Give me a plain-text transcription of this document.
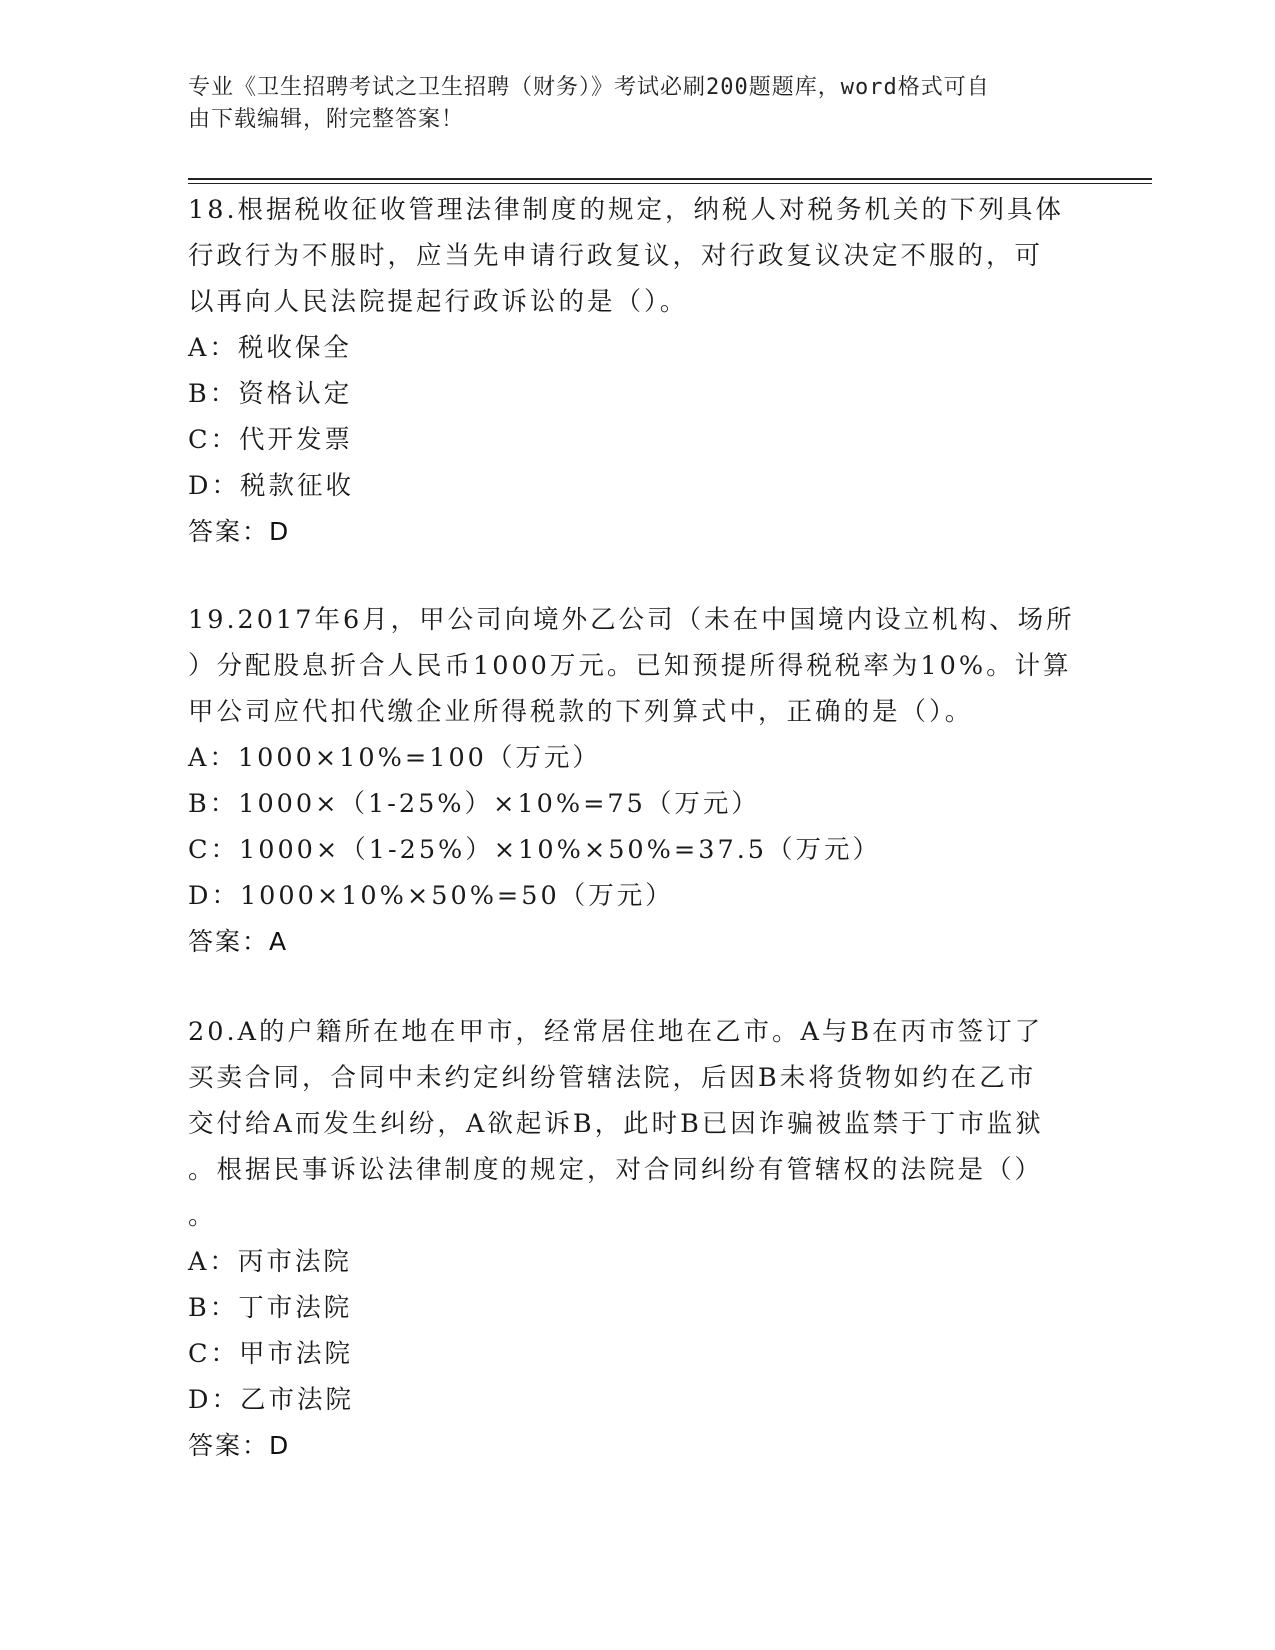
专业《卫生招聘考试之卫生招聘（财务）》考试必刷200题题库，word格式可自
由下载编辑，附完整答案！

18.根据税收征收管理法律制度的规定，纳税人对税务机关的下列具体

行政行为不服时，应当先申请行政复议，对行政复议决定不服的，可

以再向人民法院提起行政诉讼的是（）。

A：税收保全

B：资格认定

C：代开发票

D：税款征收

答案：D

19.2017年6月，甲公司向境外乙公司（未在中国境内设立机构、场所

）分配股息折合人民币1000万元。已知预提所得税税率为10%。计算

甲公司应代扣代缴企业所得税款的下列算式中，正确的是（）。

A：1000×10%=100（万元）

B：1000×（1-25%）×10%=75（万元）

C：1000×（1-25%）×10%×50%=37.5（万元）

D：1000×10%×50%=50（万元）

答案：A

20.A的户籍所在地在甲市，经常居住地在乙市。A与B在丙市签订了

买卖合同，合同中未约定纠纷管辖法院，后因B未将货物如约在乙市

交付给A而发生纠纷，A欲起诉B，此时B已因诈骗被监禁于丁市监狱

。根据民事诉讼法律制度的规定，对合同纠纷有管辖权的法院是（）

。

A：丙市法院

B：丁市法院

C：甲市法院

D：乙市法院

答案：D
